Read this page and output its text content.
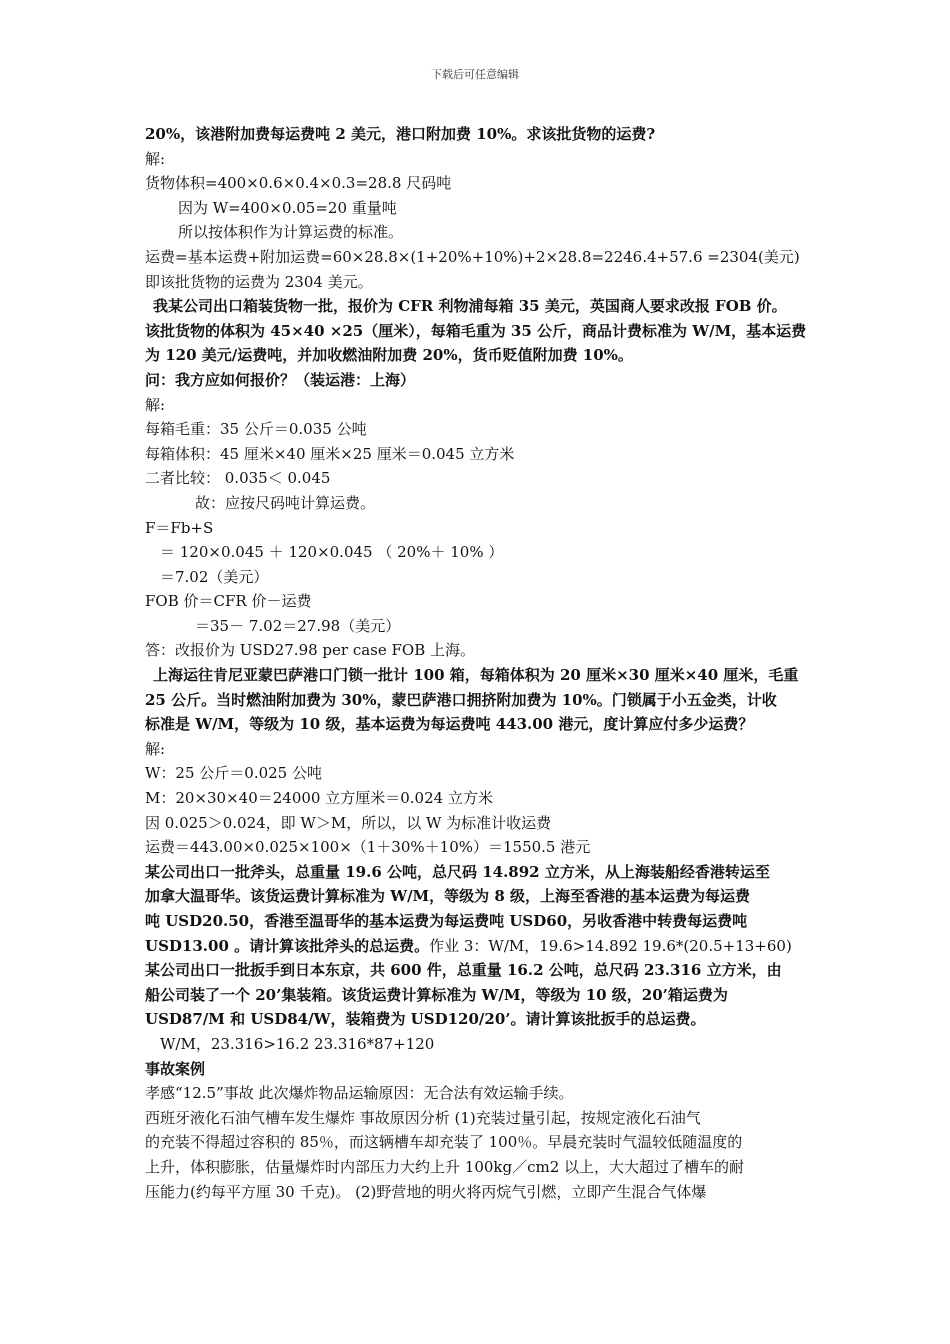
下载后可任意编辑

20%，该港附加费每运费吨 2 美元，港口附加费 10%。求该批货物的运费?

解:

货物体积=400×0.6×0.4×0.3=28.8 尺码吨

因为 W=400×0.05=20 重量吨

所以按体积作为计算运费的标准。

运费=基本运费+附加运费=60×28.8×(1+20%+10%)+2×28.8=2246.4+57.6 =2304(美元)

即该批货物的运费为 2304 美元。

我某公司出口箱装货物一批，报价为 CFR 利物浦每箱 35 美元，英国商人要求改报 FOB 价。

该批货物的体积为 45×40 ×25（厘米），每箱毛重为 35 公斤，商品计费标准为 W/M，基本运费

为 120 美元/运费吨，并加收燃油附加费 20%，货币贬值附加费 10%。

问：我方应如何报价？（装运港：上海）

解:

每箱毛重：35 公斤＝0.035 公吨

每箱体积：45 厘米×40 厘米×25 厘米＝0.045 立方米

二者比较： 0.035＜ 0.045

故：应按尺码吨计算运费。

F＝Fb+S

＝ 120×0.045 ＋ 120×0.045 （ 20%＋ 10% ）

＝7.02（美元）

FOB 价＝CFR 价－运费

＝35－ 7.02＝27.98（美元）

答：改报价为 USD27.98 per case FOB 上海。

上海运往肯尼亚蒙巴萨港口门锁一批计 100 箱，每箱体积为 20 厘米×30 厘米×40 厘米，毛重

25 公斤。当时燃油附加费为 30%，蒙巴萨港口拥挤附加费为 10%。门锁属于小五金类，计收

标准是 W/M，等级为 10 级，基本运费为每运费吨 443.00 港元，度计算应付多少运费？

解:

W：25 公斤＝0.025 公吨

M：20×30×40＝24000 立方厘米＝0.024 立方米

因 0.025＞0.024，即 W＞M，所以，以 W 为标准计收运费

运费＝443.00×0.025×100×（1＋30%＋10%）＝1550.5 港元

某公司出口一批斧头，总重量 19.6 公吨，总尺码 14.892 立方米，从上海装船经香港转运至

加拿大温哥华。该货运费计算标准为 W/M，等级为 8 级，上海至香港的基本运费为每运费

吨 USD20.50，香港至温哥华的基本运费为每运费吨 USD60，另收香港中转费每运费吨

USD13.00 。请计算该批斧头的总运费。作业 3：W/M，19.6>14.892 19.6*(20.5+13+60)

某公司出口一批扳手到日本东京，共 600 件，总重量 16.2 公吨，总尺码 23.316 立方米，由

船公司装了一个 20’集装箱。该货运费计算标准为 W/M，等级为 10 级，20’箱运费为

USD87/M 和 USD84/W，装箱费为 USD120/20’。请计算该批扳手的总运费。

W/M，23.316>16.2 23.316*87+120

事故案例

孝感“12.5”事故 此次爆炸物品运输原因：无合法有效运输手续。

西班牙液化石油气槽车发生爆炸 事故原因分析 (1)充装过量引起，按规定液化石油气

的充装不得超过容积的 85％，而这辆槽车却充装了 100％。早晨充装时气温较低随温度的

上升，体积膨胀，估量爆炸时内部压力大约上升 100kg／cm2 以上，大大超过了槽车的耐

压能力(约每平方厘 30 千克)。 (2)野营地的明火将丙烷气引燃，立即产生混合气体爆
